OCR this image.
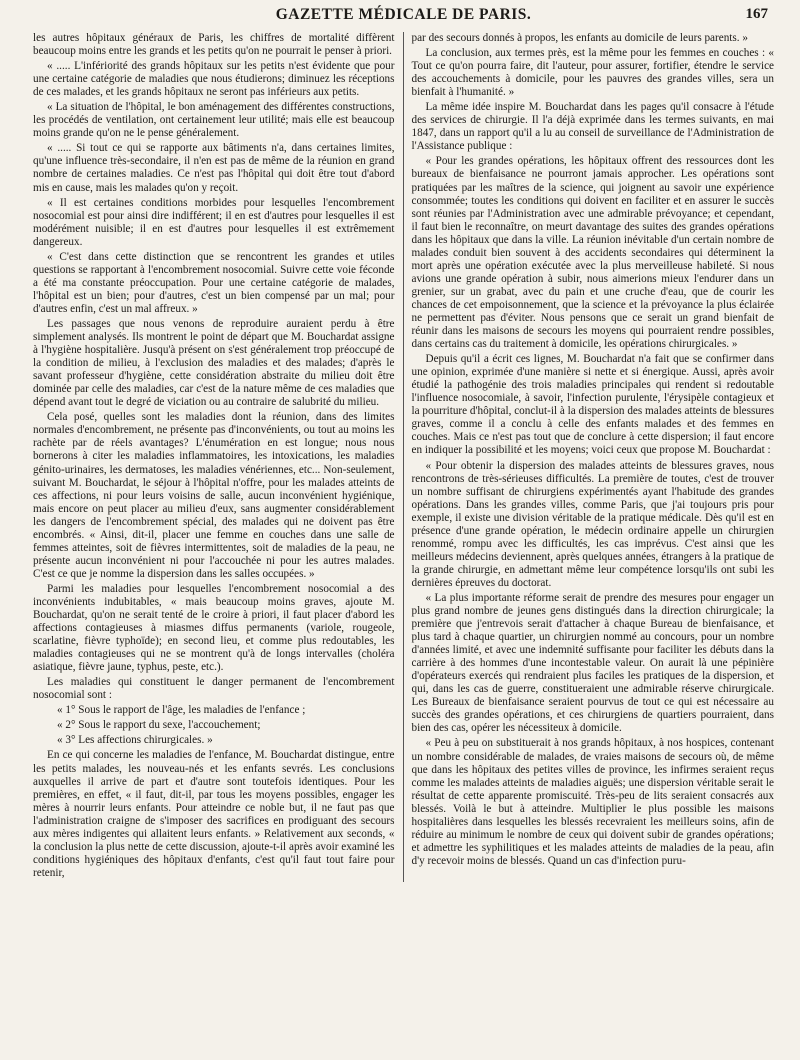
GAZETTE MÉDICALE DE PARIS.	167

les autres hôpitaux généraux de Paris, les chiffres de mortalité diffèrent beaucoup moins entre les grands et les petits qu'on ne pourrait le penser à priori.

« ..... L'infériorité des grands hôpitaux sur les petits n'est évidente que pour une certaine catégorie de maladies que nous étudierons; diminuez les réceptions de ces malades, et les grands hôpitaux ne seront pas inférieurs aux petits.

« La situation de l'hôpital, le bon aménagement des différentes constructions, les procédés de ventilation, ont certainement leur utilité; mais elle est beaucoup moins grande qu'on ne le pense généralement.

« ..... Si tout ce qui se rapporte aux bâtiments n'a, dans certaines limites, qu'une influence très-secondaire, il n'en est pas de même de la réunion en grand nombre de certaines maladies. Ce n'est pas l'hôpital qui doit être tout d'abord mis en cause, mais les malades qu'on y reçoit.

« Il est certaines conditions morbides pour lesquelles l'encombrement nosocomial est pour ainsi dire indifférent; il en est d'autres pour lesquelles il est modérément nuisible; il en est d'autres pour lesquelles il est extrêmement dangereux.

« C'est dans cette distinction que se rencontrent les grandes et utiles questions se rapportant à l'encombrement nosocomial. Suivre cette voie féconde a été ma constante préoccupation. Pour une certaine catégorie de malades, l'hôpital est un bien; pour d'autres, c'est un bien compensé par un mal; pour d'autres enfin, c'est un mal affreux. »

Les passages que nous venons de reproduire auraient perdu à être simplement analysés. Ils montrent le point de départ que M. Bouchardat assigne à l'hygiène hospitalière. Jusqu'à présent on s'est généralement trop préoccupé de la condition de milieu, à l'exclusion des maladies et des malades; d'après le savant professeur d'hygiène, cette considération abstraite du milieu doit être dominée par celle des maladies, car c'est de la nature même de ces maladies que dépend avant tout le degré de viciation ou au contraire de salubrité du milieu.

Cela posé, quelles sont les maladies dont la réunion, dans des limites normales d'encombrement, ne présente pas d'inconvénients, ou tout au moins les rachète par de réels avantages? L'énumération en est longue; nous nous bornerons à citer les maladies inflammatoires, les intoxications, les maladies génito-urinaires, les dermatoses, les maladies vénériennes, etc... Non-seulement, suivant M. Bouchardat, le séjour à l'hôpital n'offre, pour les malades atteints de ces affections, ni pour leurs voisins de salle, aucun inconvénient hygiénique, mais encore on peut placer au milieu d'eux, sans augmenter considérablement les dangers de l'encombrement spécial, des malades qui ne doivent pas être encombrés. « Ainsi, dit-il, placer une femme en couches dans une salle de femmes atteintes, soit de fièvres intermittentes, soit de maladies de la peau, ne présente aucun inconvénient ni pour l'accouchée ni pour les autres malades. C'est ce que je nomme la dispersion dans les salles occupées. »

Parmi les maladies pour lesquelles l'encombrement nosocomial a des inconvénients indubitables, « mais beaucoup moins graves, ajoute M. Bouchardat, qu'on ne serait tenté de le croire à priori, il faut placer d'abord les affections contagieuses à miasmes diffus permanents (variole, rougeole, scarlatine, fièvre typhoïde); en second lieu, et comme plus redoutables, les maladies contagieuses qui ne se montrent qu'à de longs intervalles (choléra asiatique, fièvre jaune, typhus, peste, etc.).

Les maladies qui constituent le danger permanent de l'encombrement nosocomial sont :

« 1° Sous le rapport de l'âge, les maladies de l'enfance ;

« 2° Sous le rapport du sexe, l'accouchement;

« 3° Les affections chirurgicales. »

En ce qui concerne les maladies de l'enfance, M. Bouchardat distingue, entre les petits malades, les nouveau-nés et les enfants sevrés. Les conclusions auxquelles il arrive de part et d'autre sont toutefois identiques. Pour les premières, en effet, « il faut, dit-il, par tous les moyens possibles, engager les mères à nourrir leurs enfants. Pour atteindre ce noble but, il ne faut pas que l'administration craigne de s'imposer des sacrifices en prodiguant des secours aux mères indigentes qui allaitent leurs enfants. » Relativement aux seconds, « la conclusion la plus nette de cette discussion, ajoute-t-il après avoir examiné les conditions hygiéniques des hôpitaux d'enfants, c'est qu'il faut tout faire pour retenir,

par des secours donnés à propos, les enfants au domicile de leurs parents. »

La conclusion, aux termes près, est la même pour les femmes en couches : « Tout ce qu'on pourra faire, dit l'auteur, pour assurer, fortifier, étendre le service des accouchements à domicile, pour les pauvres des grandes villes, sera un bienfait à l'humanité. »

La même idée inspire M. Bouchardat dans les pages qu'il consacre à l'étude des services de chirurgie. Il l'a déjà exprimée dans les termes suivants, en mai 1847, dans un rapport qu'il a lu au conseil de surveillance de l'Administration de l'Assistance publique :

« Pour les grandes opérations, les hôpitaux offrent des ressources dont les bureaux de bienfaisance ne pourront jamais approcher. Les opérations sont pratiquées par les maîtres de la science, qui joignent au savoir une expérience consommée; toutes les conditions qui doivent en faciliter et en assurer le succès sont réunies par l'Administration avec une admirable prévoyance; et cependant, il faut bien le reconnaître, on meurt davantage des suites des grandes opérations dans les hôpitaux que dans la ville. La réunion inévitable d'un certain nombre de malades conduit bien souvent à des accidents secondaires qui déterminent la mort après une opération exécutée avec la plus merveilleuse habileté. Si nous avions une grande opération à subir, nous aimerions mieux l'endurer dans un grenier, sur un grabat, avec du pain et une cruche d'eau, que de courir les chances de cet empoisonnement, que la science et la prévoyance la plus éclairée ne permettent pas d'éviter. Nous pensons que ce serait un grand bienfait de réunir dans les maisons de secours les moyens qui pourraient rendre possibles, dans certains cas du traitement à domicile, les opérations chirurgicales. »

Depuis qu'il a écrit ces lignes, M. Bouchardat n'a fait que se confirmer dans une opinion, exprimée d'une manière si nette et si énergique. Aussi, après avoir étudié la pathogénie des trois maladies principales qui rendent si redoutable l'influence nosocomiale, à savoir, l'infection purulente, l'érysipèle contagieux et la pourriture d'hôpital, conclut-il à la dispersion des malades atteints de blessures graves, comme il a conclu à celle des enfants malades et des femmes en couches. Mais ce n'est pas tout que de conclure à cette dispersion; il faut encore en indiquer la possibilité et les moyens; voici ceux que propose M. Bouchardat :

« Pour obtenir la dispersion des malades atteints de blessures graves, nous rencontrons de très-sérieuses difficultés. La première de toutes, c'est de trouver un nombre suffisant de chirurgiens expérimentés ayant l'habitude des grandes opérations. Dans les grandes villes, comme Paris, que j'ai toujours pris pour exemple, il existe une division véritable de la pratique médicale. Dès qu'il est en présence d'une grande opération, le médecin ordinaire appelle un chirurgien renommé, rompu avec les difficultés, les cas imprévus. C'est ainsi que les meilleurs médecins deviennent, après quelques années, étrangers à la pratique de la grande chirurgie, en admettant même leur compétence lorsqu'ils ont subi les dernières épreuves du doctorat.

« La plus importante réforme serait de prendre des mesures pour engager un plus grand nombre de jeunes gens distingués dans la direction chirurgicale; la première que j'entrevois serait d'attacher à chaque Bureau de bienfaisance, et plus tard à chaque quartier, un chirurgien nommé au concours, pour un nombre d'années limité, et avec une indemnité suffisante pour faciliter les débuts dans la carrière à des hommes d'une incontestable valeur. On aurait là une pépinière d'opérateurs exercés qui rendraient plus faciles les pratiques de la dispersion, et qui, dans les cas de guerre, constitueraient une admirable réserve chirurgicale. Les Bureaux de bienfaisance seraient pourvus de tout ce qui est nécessaire au succès des grandes opérations, et ces chirurgiens de quartiers pourraient, dans bien des cas, opérer les nécessiteux à domicile.

« Peu à peu on substituerait à nos grands hôpitaux, à nos hospices, contenant un nombre considérable de malades, de vraies maisons de secours où, de même que dans les hôpitaux des petites villes de province, les infirmes seraient reçus comme les malades atteints de maladies aiguës; une dispersion véritable serait le résultat de cette apparente promiscuité. Très-peu de lits seraient consacrés aux blessés. Voilà le but à atteindre. Multiplier le plus possible les maisons hospitalières dans lesquelles les blessés recevraient les meilleurs soins, afin de réduire au minimum le nombre de ceux qui doivent subir de grandes opérations; et admettre les syphilitiques et les malades atteints de maladies de la peau, afin d'y recevoir moins de blessés. Quand un cas d'infection puru-
